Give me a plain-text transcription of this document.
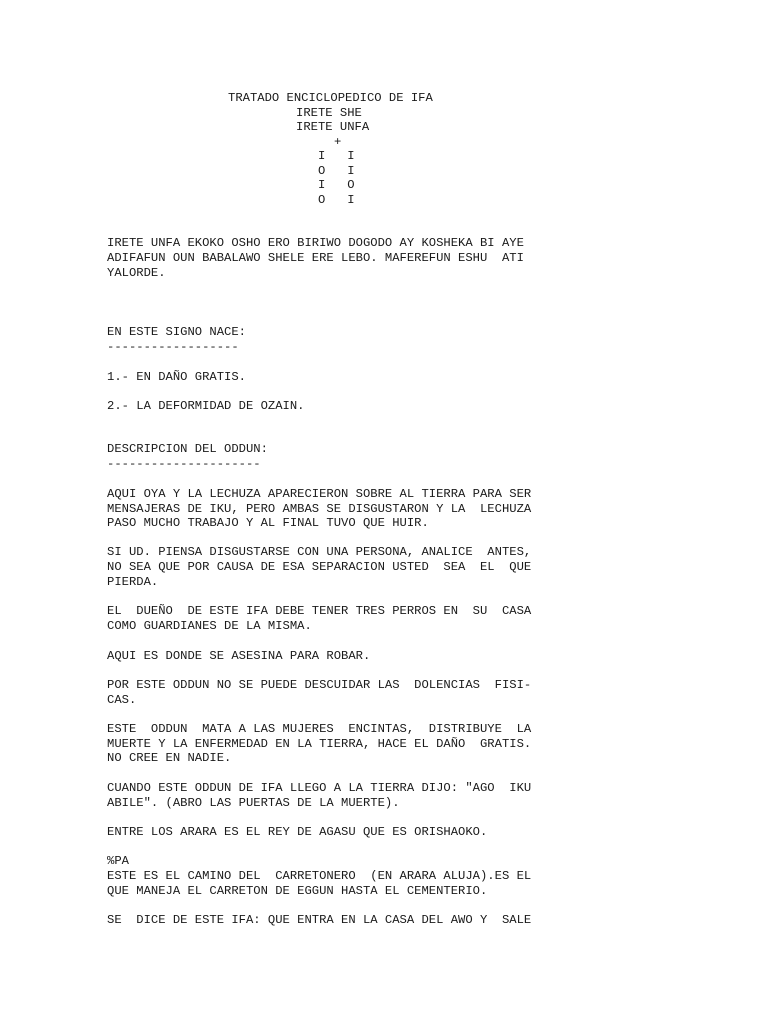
TRATADO ENCICLOPEDICO DE IFA
IRETE SHE
IRETE UNFA
+
I   I
O   I
I   O
O   I
IRETE UNFA EKOKO OSHO ERO BIRIWO DOGODO AY KOSHEKA BI AYE
ADIFAFUN OUN BABALAWO SHELE ERE LEBO. MAFEREFUN ESHU  ATI
YALORDE.
EN ESTE SIGNO NACE:
------------------
1.- EN DAÑO GRATIS.
2.- LA DEFORMIDAD DE OZAIN.
DESCRIPCION DEL ODDUN:
---------------------
AQUI OYA Y LA LECHUZA APARECIERON SOBRE AL TIERRA PARA SER
MENSAJERAS DE IKU, PERO AMBAS SE DISGUSTARON Y LA  LECHUZA
PASO MUCHO TRABAJO Y AL FINAL TUVO QUE HUIR.
SI UD. PIENSA DISGUSTARSE CON UNA PERSONA, ANALICE  ANTES,
NO SEA QUE POR CAUSA DE ESA SEPARACION USTED  SEA  EL  QUE
PIERDA.
EL  DUEÑO  DE ESTE IFA DEBE TENER TRES PERROS EN  SU  CASA
COMO GUARDIANES DE LA MISMA.
AQUI ES DONDE SE ASESINA PARA ROBAR.
POR ESTE ODDUN NO SE PUEDE DESCUIDAR LAS  DOLENCIAS  FISI-
CAS.
ESTE  ODDUN  MATA A LAS MUJERES  ENCINTAS,  DISTRIBUYE  LA
MUERTE Y LA ENFERMEDAD EN LA TIERRA, HACE EL DAÑO  GRATIS.
NO CREE EN NADIE.
CUANDO ESTE ODDUN DE IFA LLEGO A LA TIERRA DIJO: "AGO  IKU
ABILE". (ABRO LAS PUERTAS DE LA MUERTE).
ENTRE LOS ARARA ES EL REY DE AGASU QUE ES ORISHAOKO.
%PA
ESTE ES EL CAMINO DEL  CARRETONERO  (EN ARARA ALUJA).ES EL
QUE MANEJA EL CARRETON DE EGGUN HASTA EL CEMENTERIO.
SE  DICE DE ESTE IFA: QUE ENTRA EN LA CASA DEL AWO Y  SALE
